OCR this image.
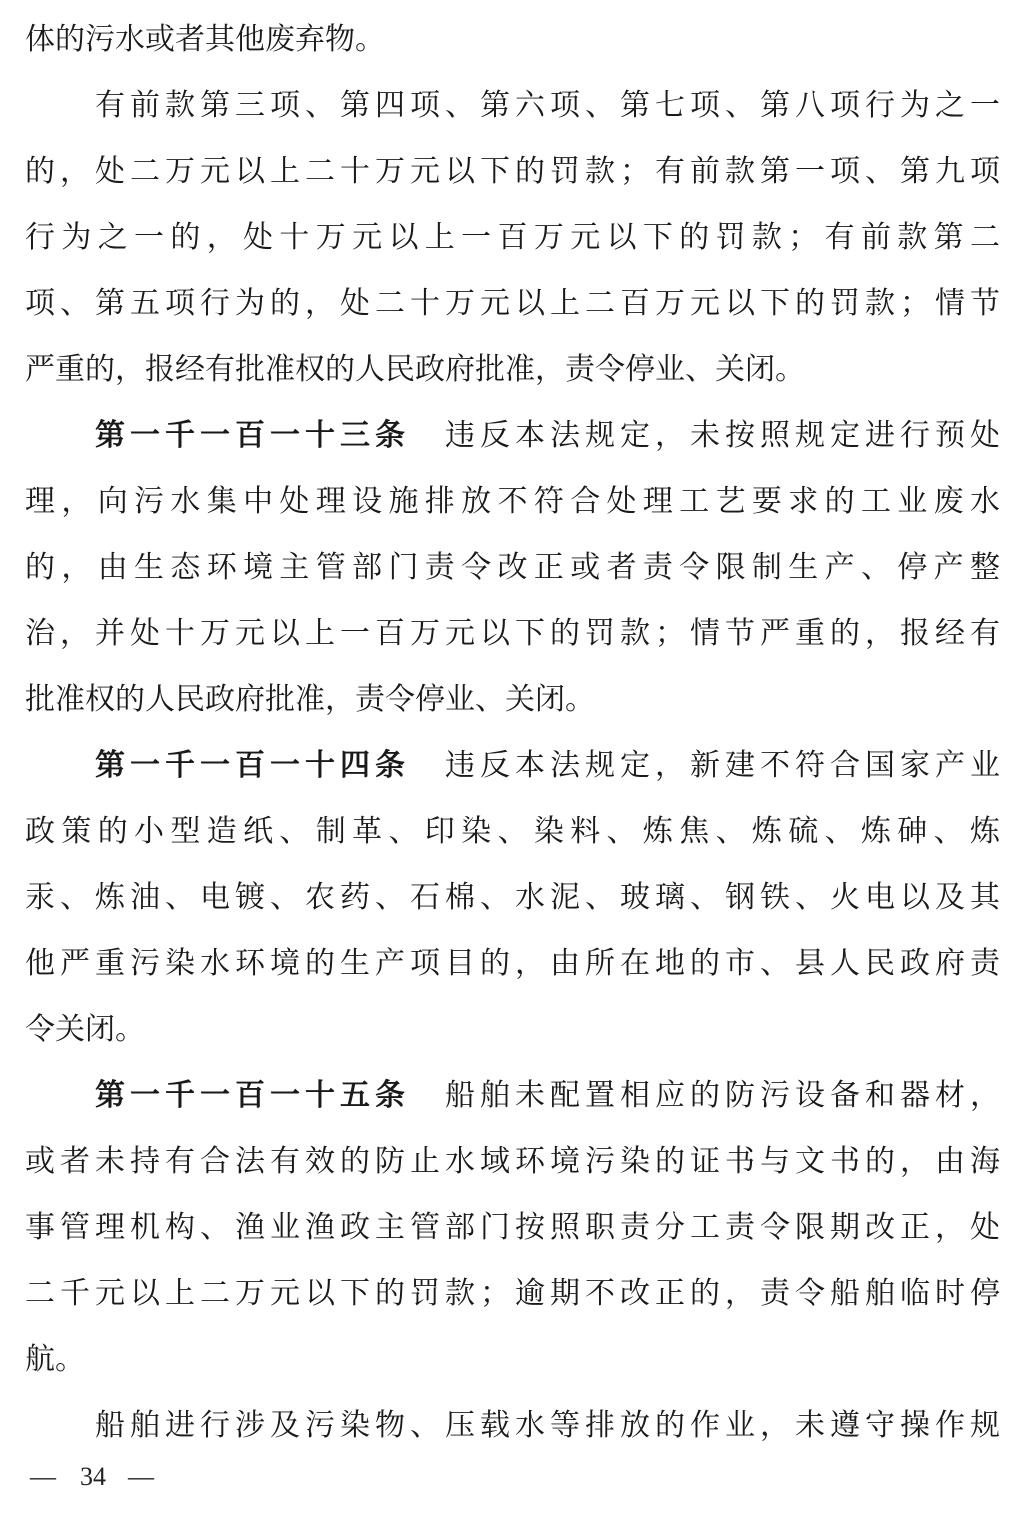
体的污水或者其他废弃物。
有前款第三项、第四项、第六项、第七项、第八项行为之一
的，处二万元以上二十万元以下的罚款；有前款第一项、第九项
行为之一的，处十万元以上一百万元以下的罚款；有前款第二
项、第五项行为的，处二十万元以上二百万元以下的罚款；情节
严重的，报经有批准权的人民政府批准，责令停业、关闭。
第一千一百一十三条 违反本法规定，未按照规定进行预处
理，向污水集中处理设施排放不符合处理工艺要求的工业废水
的，由生态环境主管部门责令改正或者责令限制生产、停产整
治，并处十万元以上一百万元以下的罚款；情节严重的，报经有
批准权的人民政府批准，责令停业、关闭。
第一千一百一十四条 违反本法规定，新建不符合国家产业
政策的小型造纸、制革、印染、染料、炼焦、炼硫、炼砷、炼
汞、炼油、电镀、农药、石棉、水泥、玻璃、钢铁、火电以及其
他严重污染水环境的生产项目的，由所在地的市、县人民政府责
令关闭。
第一千一百一十五条 船舶未配置相应的防污设备和器材，
或者未持有合法有效的防止水域环境污染的证书与文书的，由海
事管理机构、渔业渔政主管部门按照职责分工责令限期改正，处
二千元以上二万元以下的罚款；逾期不改正的，责令船舶临时停
航。
船舶进行涉及污染物、压载水等排放的作业，未遵守操作规
— 34 —
